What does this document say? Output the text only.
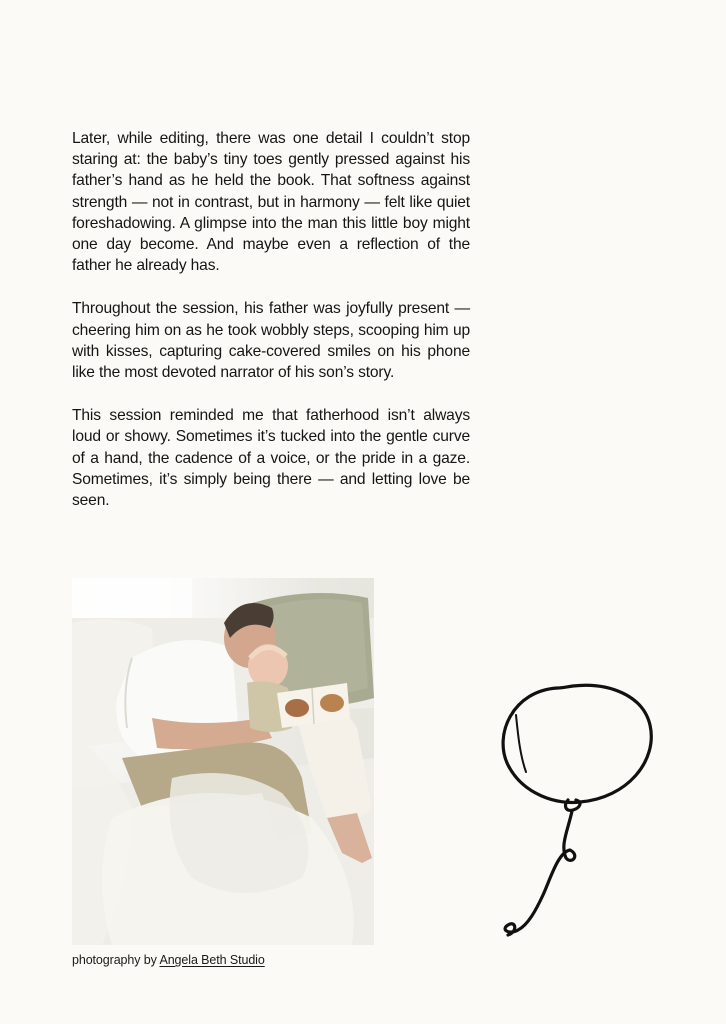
Later, while editing, there was one detail I couldn’t stop staring at: the baby’s tiny toes gently pressed against his father’s hand as he held the book. That softness against strength — not in contrast, but in harmony — felt like quiet foreshadowing. A glimpse into the man this little boy might one day become. And maybe even a reflection of the father he already has.

Throughout the session, his father was joyfully present — cheering him on as he took wobbly steps, scooping him up with kisses, capturing cake-covered smiles on his phone like the most devoted narrator of his son’s story.

This session reminded me that fatherhood isn’t always loud or showy. Sometimes it’s tucked into the gentle curve of a hand, the cadence of a voice, or the pride in a gaze. Sometimes, it’s simply being there — and letting love be seen.

photography by Angela Beth Studio
